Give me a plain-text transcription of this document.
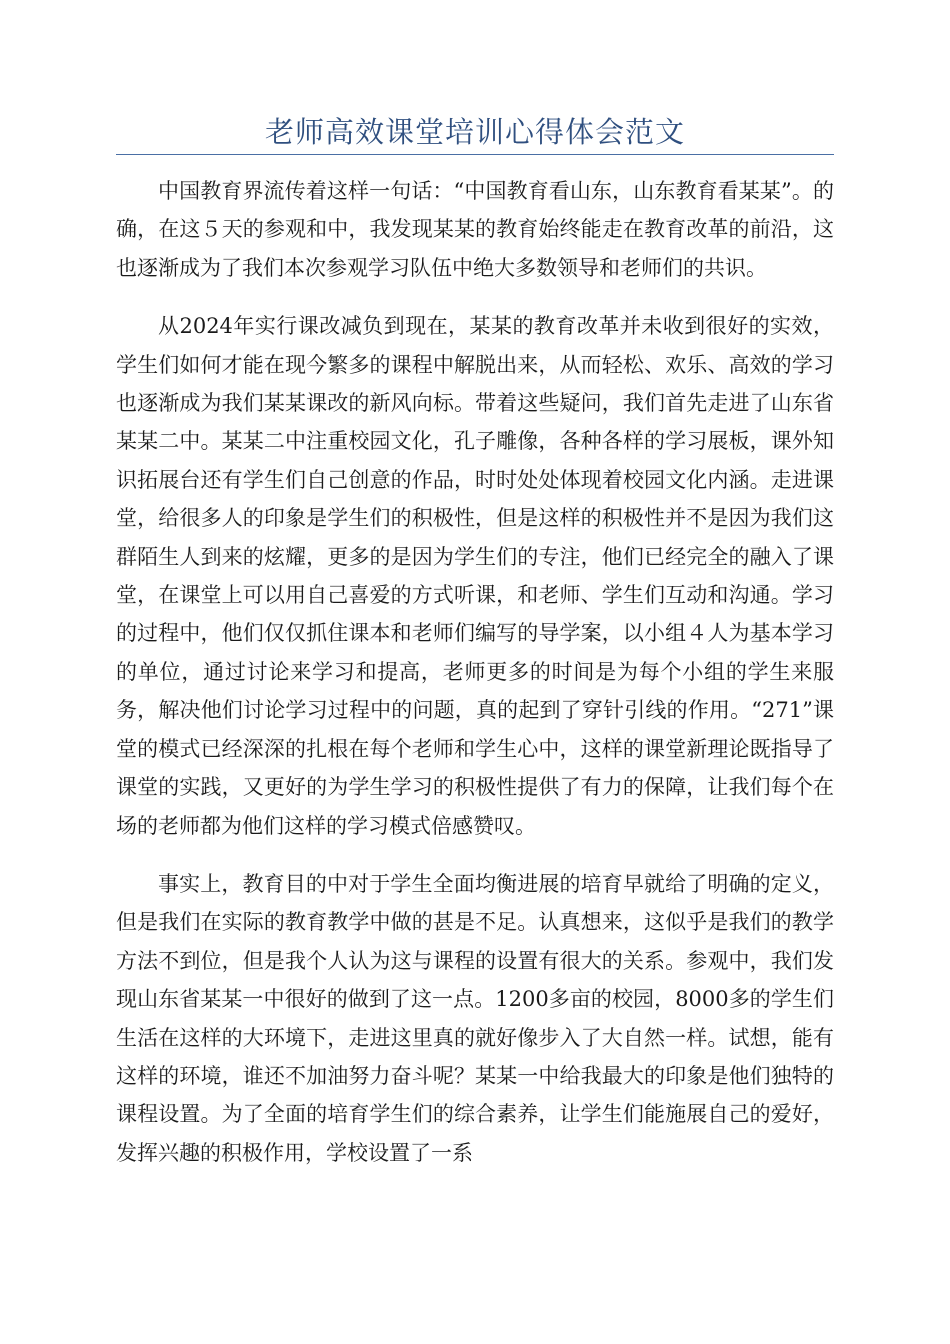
老师高效课堂培训心得体会范文

中国教育界流传着这样一句话：“中国教育看山东，山东教育看某某”。的确，在这５天的参观和中，我发现某某的教育始终能走在教育改革的前沿，这也逐渐成为了我们本次参观学习队伍中绝大多数领导和老师们的共识。

从2024年实行课改减负到现在，某某的教育改革并未收到很好的实效，学生们如何才能在现今繁多的课程中解脱出来，从而轻松、欢乐、高效的学习也逐渐成为我们某某课改的新风向标。带着这些疑问，我们首先走进了山东省某某二中。某某二中注重校园文化，孔子雕像，各种各样的学习展板，课外知识拓展台还有学生们自己创意的作品，时时处处体现着校园文化内涵。走进课堂，给很多人的印象是学生们的积极性，但是这样的积极性并不是因为我们这群陌生人到来的炫耀，更多的是因为学生们的专注，他们已经完全的融入了课堂，在课堂上可以用自己喜爱的方式听课，和老师、学生们互动和沟通。学习的过程中，他们仅仅抓住课本和老师们编写的导学案，以小组４人为基本学习的单位，通过讨论来学习和提高，老师更多的时间是为每个小组的学生来服务，解决他们讨论学习过程中的问题，真的起到了穿针引线的作用。“271”课堂的模式已经深深的扎根在每个老师和学生心中，这样的课堂新理论既指导了课堂的实践，又更好的为学生学习的积极性提供了有力的保障，让我们每个在场的老师都为他们这样的学习模式倍感赞叹。

事实上，教育目的中对于学生全面均衡进展的培育早就给了明确的定义，但是我们在实际的教育教学中做的甚是不足。认真想来，这似乎是我们的教学方法不到位，但是我个人认为这与课程的设置有很大的关系。参观中，我们发现山东省某某一中很好的做到了这一点。1200多亩的校园，8000多的学生们生活在这样的大环境下，走进这里真的就好像步入了大自然一样。试想，能有这样的环境，谁还不加油努力奋斗呢？某某一中给我最大的印象是他们独特的课程设置。为了全面的培育学生们的综合素养，让学生们能施展自己的爱好，发挥兴趣的积极作用，学校设置了一系
